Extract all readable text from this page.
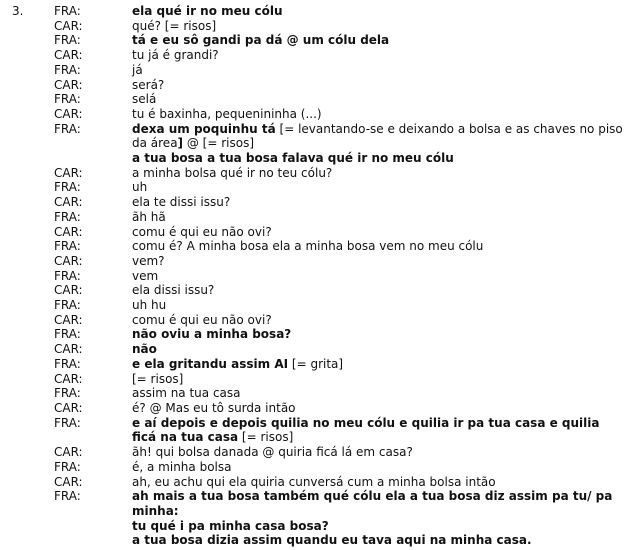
3.	FRA:	ela qué ir no meu cólu
CAR:	qué? [= risos]
FRA:	tá e eu sô gandi pa dá @ um cólu dela
CAR:	tu já é grandi?
FRA:	já
CAR:	será?
FRA:	selá
CAR:	tu é baxinha, pequenininha (...)
FRA:	dexa um poquinhu tá [= levantando-se e deixando a bolsa e as chaves no piso da área] @ [= risos]
a tua bosa a tua bosa falava qué ir no meu cólu
CAR:	a minha bolsa qué ir no teu cólu?
FRA:	uh
CAR:	ela te dissi issu?
FRA:	ãh hã
CAR:	comu é qui eu não ovi?
FRA:	comu é? A minha bosa ela a minha bosa vem no meu cólu
CAR:	vem?
FRA:	vem
CAR:	ela dissi issu?
FRA:	uh hu
CAR:	comu é qui eu não ovi?
FRA:	não oviu a minha bosa?
CAR:	não
FRA:	e ela gritandu assim AI [= grita]
CAR:	[= risos]
FRA:	assim na tua casa
CAR:	é? @ Mas eu tô surda intão
FRA:	e aí depois e depois quilia no meu cólu e quilia ir pa tua casa e quilia ficá na tua casa [= risos]
CAR:	ãh! qui bolsa danada @ quiria ficá lá em casa?
FRA:	é, a minha bolsa
CAR:	ah, eu achu qui ela quiria cunversá cum a minha bolsa intão
FRA:	ah mais a tua bosa também qué cólu ela a tua bosa diz assim pa tu/ pa minha:
tu qué i pa minha casa bosa?
a tua bosa dizia assim quandu eu tava aqui na minha casa.
